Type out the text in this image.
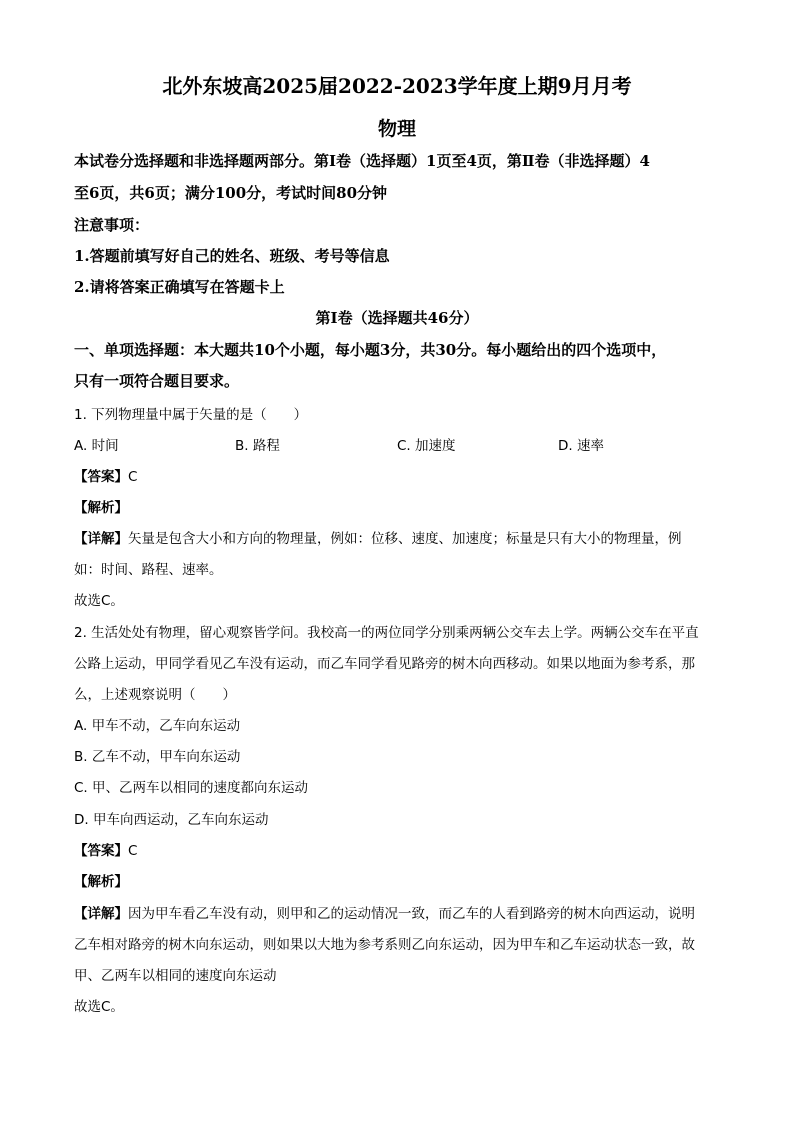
北外东坡高2025届2022-2023学年度上期9月月考
物理
本试卷分选择题和非选择题两部分。第Ⅰ卷（选择题）1页至4页，第Ⅱ卷（非选择题）4
至6页，共6页；满分100分，考试时间80分钟
注意事项：
1.答题前填写好自己的姓名、班级、考号等信息
2.请将答案正确填写在答题卡上
第Ⅰ卷（选择题共46分）
一、单项选择题：本大题共10个小题，每小题3分，共30分。每小题给出的四个选项中，
只有一项符合题目要求。
1. 下列物理量中属于矢量的是（　　）
A. 时间	B. 路程	C. 加速度	D. 速率
【答案】C
【解析】
【详解】矢量是包含大小和方向的物理量，例如：位移、速度、加速度；标量是只有大小的物理量，例
如：时间、路程、速率。
故选C。
2. 生活处处有物理，留心观察皆学问。我校高一的两位同学分别乘两辆公交车去上学。两辆公交车在平直
公路上运动，甲同学看见乙车没有运动，而乙车同学看见路旁的树木向西移动。如果以地面为参考系，那
么，上述观察说明（　　）
A. 甲车不动，乙车向东运动
B. 乙车不动，甲车向东运动
C. 甲、乙两车以相同的速度都向东运动
D. 甲车向西运动，乙车向东运动
【答案】C
【解析】
【详解】因为甲车看乙车没有动，则甲和乙的运动情况一致，而乙车的人看到路旁的树木向西运动，说明
乙车相对路旁的树木向东运动，则如果以大地为参考系则乙向东运动，因为甲车和乙车运动状态一致，故
甲、乙两车以相同的速度向东运动
故选C。
